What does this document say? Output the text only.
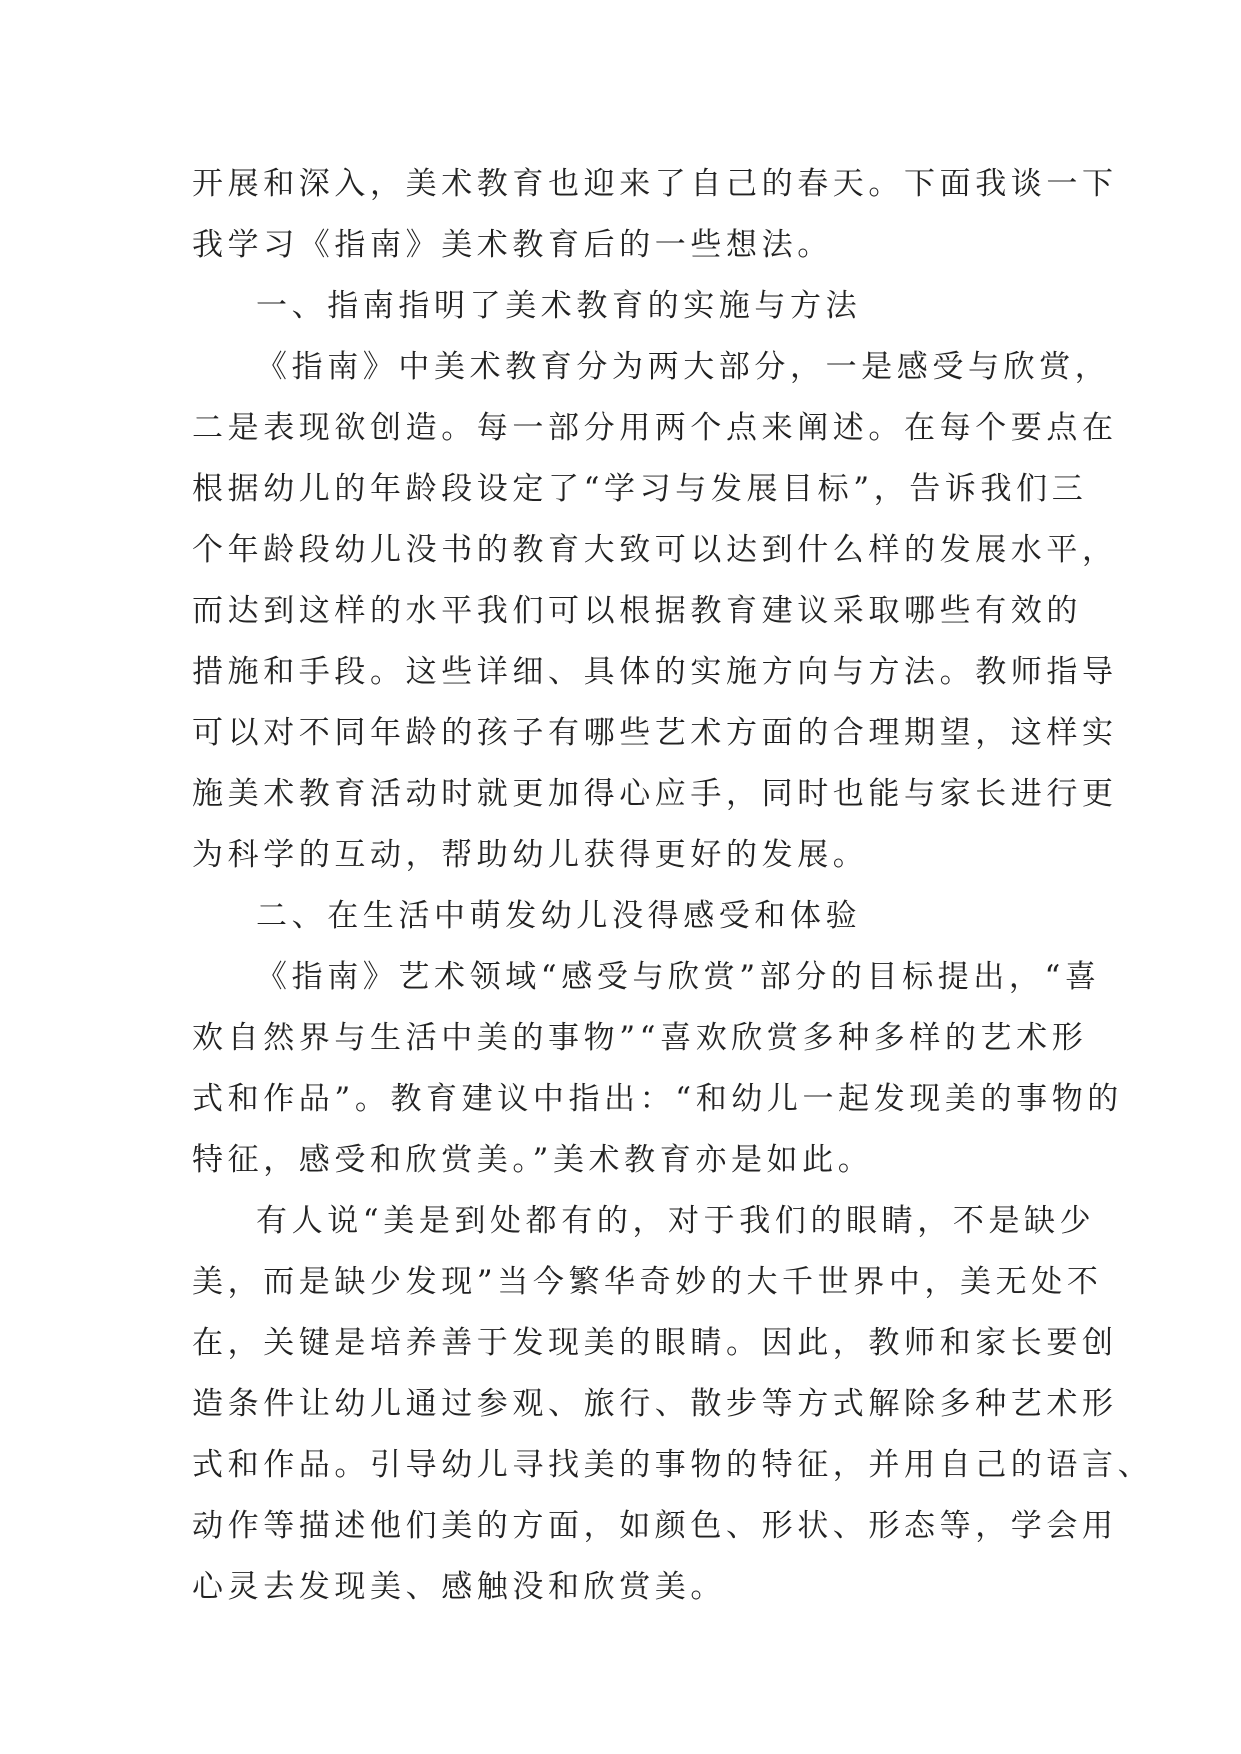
开展和深入，美术教育也迎来了自己的春天。下面我谈一下
我学习《指南》美术教育后的一些想法。
一、指南指明了美术教育的实施与方法
《指南》中美术教育分为两大部分，一是感受与欣赏，
二是表现欲创造。每一部分用两个点来阐述。在每个要点在
根据幼儿的年龄段设定了“学习与发展目标”，告诉我们三
个年龄段幼儿没书的教育大致可以达到什么样的发展水平，
而达到这样的水平我们可以根据教育建议采取哪些有效的
措施和手段。这些详细、具体的实施方向与方法。教师指导
可以对不同年龄的孩子有哪些艺术方面的合理期望，这样实
施美术教育活动时就更加得心应手，同时也能与家长进行更
为科学的互动，帮助幼儿获得更好的发展。
二、在生活中萌发幼儿没得感受和体验
《指南》艺术领域“感受与欣赏”部分的目标提出，“喜
欢自然界与生活中美的事物”“喜欢欣赏多种多样的艺术形
式和作品”。教育建议中指出：“和幼儿一起发现美的事物的
特征，感受和欣赏美。”美术教育亦是如此。
有人说“美是到处都有的，对于我们的眼睛，不是缺少
美，而是缺少发现”当今繁华奇妙的大千世界中，美无处不
在，关键是培养善于发现美的眼睛。因此，教师和家长要创
造条件让幼儿通过参观、旅行、散步等方式解除多种艺术形
式和作品。引导幼儿寻找美的事物的特征，并用自己的语言、
动作等描述他们美的方面，如颜色、形状、形态等，学会用
心灵去发现美、感触没和欣赏美。
